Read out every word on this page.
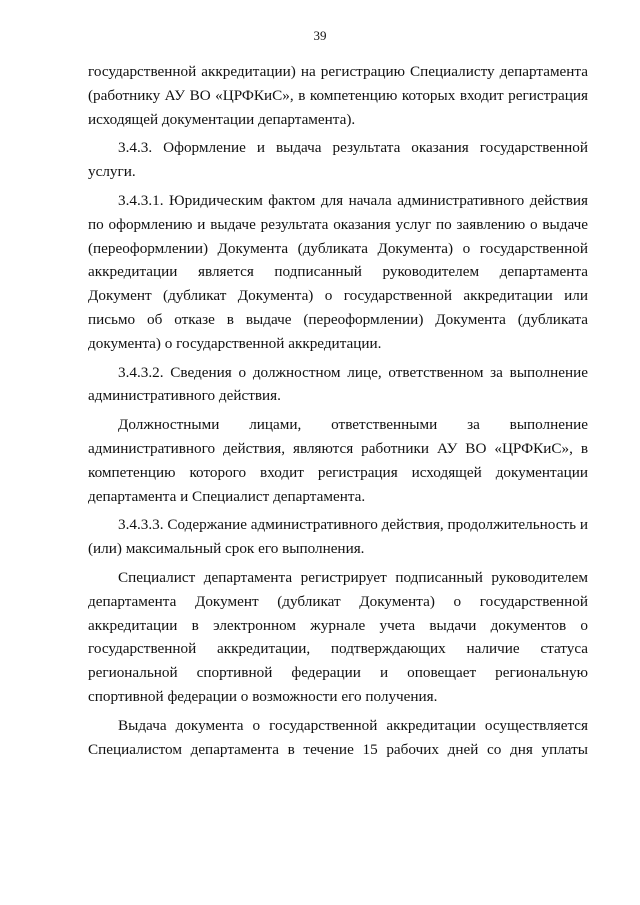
39

государственной аккредитации) на регистрацию Специалисту департамента (работнику АУ ВО «ЦРФКиС», в компетенцию которых входит регистрация исходящей документации департамента).

3.4.3. Оформление и выдача результата оказания государственной услуги.

3.4.3.1. Юридическим фактом для начала административного действия по оформлению и выдаче результата оказания услуг по заявлению о выдаче (переоформлении) Документа (дубликата Документа) о государственной аккредитации является подписанный руководителем департамента Документ (дубликат Документа) о государственной аккредитации или письмо об отказе в выдаче (переоформлении) Документа (дубликата документа) о государственной аккредитации.

3.4.3.2. Сведения о должностном лице, ответственном за выполнение административного действия.

Должностными лицами, ответственными за выполнение административного действия, являются работники АУ ВО «ЦРФКиС», в компетенцию которого входит регистрация исходящей документации департамента и Специалист департамента.

3.4.3.3. Содержание административного действия, продолжительность и (или) максимальный срок его выполнения.

Специалист департамента регистрирует подписанный руководителем департамента Документ (дубликат Документа) о государственной аккредитации в электронном журнале учета выдачи документов о государственной аккредитации, подтверждающих наличие статуса региональной спортивной федерации и оповещает региональную спортивной федерации о возможности его получения.

Выдача документа о государственной аккредитации осуществляется Специалистом департамента в течение 15 рабочих дней со дня уплаты
